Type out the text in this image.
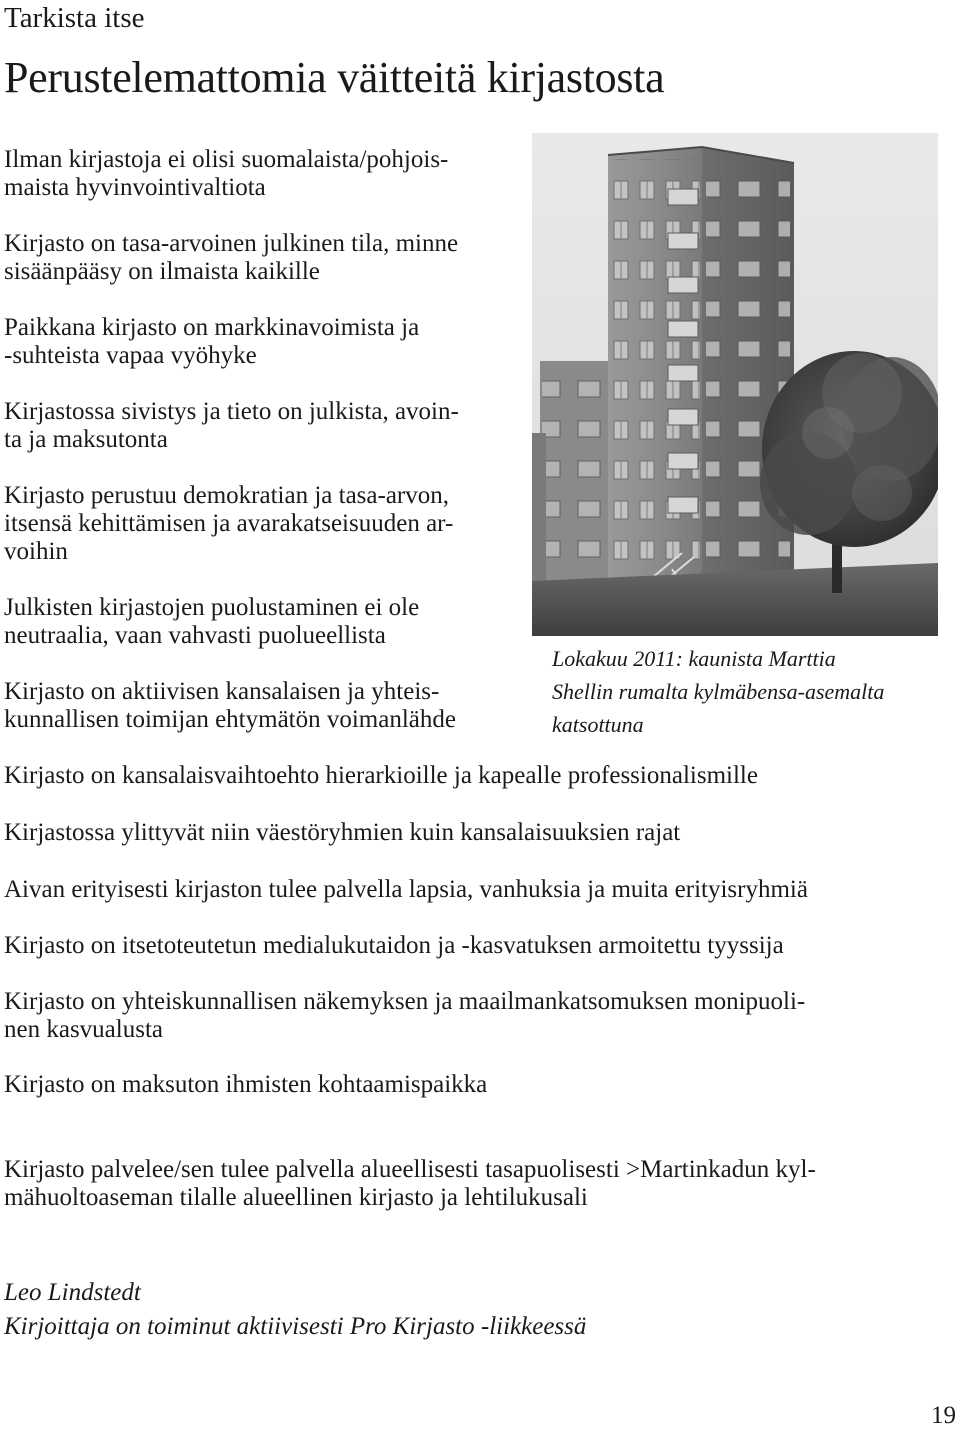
Tarkista itse
Perustelemattomia väitteitä kirjastosta

Ilman kirjastoja ei olisi suomalaista/pohjois-
maista hyvinvointivaltiota

Kirjasto on tasa-arvoinen julkinen tila, minne
sisäänpääsy on ilmaista kaikille

Paikkana kirjasto on markkinavoimista ja
-suhteista vapaa vyöhyke

Kirjastossa sivistys ja tieto on julkista, avoin-
ta ja maksutonta

Kirjasto perustuu demokratian ja tasa-arvon,
itsensä kehittämisen ja avarakatseisuuden ar-
voihin

Julkisten kirjastojen puolustaminen ei ole
neutraalia, vaan vahvasti puolueellista

Kirjasto on aktiivisen kansalaisen ja yhteis-
kunnallisen toimijan ehtymätön voimanlähde

Lokakuu 2011: kaunista Marttia
Shellin rumalta kylmäbensa-asemalta
katsottuna

Kirjasto on kansalaisvaihtoehto hierarkioille ja kapealle professionalismille

Kirjastossa ylittyvät niin väestöryhmien kuin kansalaisuuksien rajat

Aivan erityisesti kirjaston tulee palvella lapsia, vanhuksia ja muita erityisryhmiä

Kirjasto on itsetoteutetun medialukutaidon ja -kasvatuksen armoitettu tyyssija

Kirjasto on yhteiskunnallisen näkemyksen ja maailmankatsomuksen monipuoli-
nen kasvualusta

Kirjasto on maksuton ihmisten kohtaamispaikka

Kirjasto palvelee/sen tulee palvella alueellisesti tasapuolisesti >Martinkadun kyl-
mähuoltoaseman tilalle alueellinen kirjasto ja lehtilukusali

Leo Lindstedt
Kirjoittaja on toiminut aktiivisesti Pro Kirjasto -liikkeessä
19
